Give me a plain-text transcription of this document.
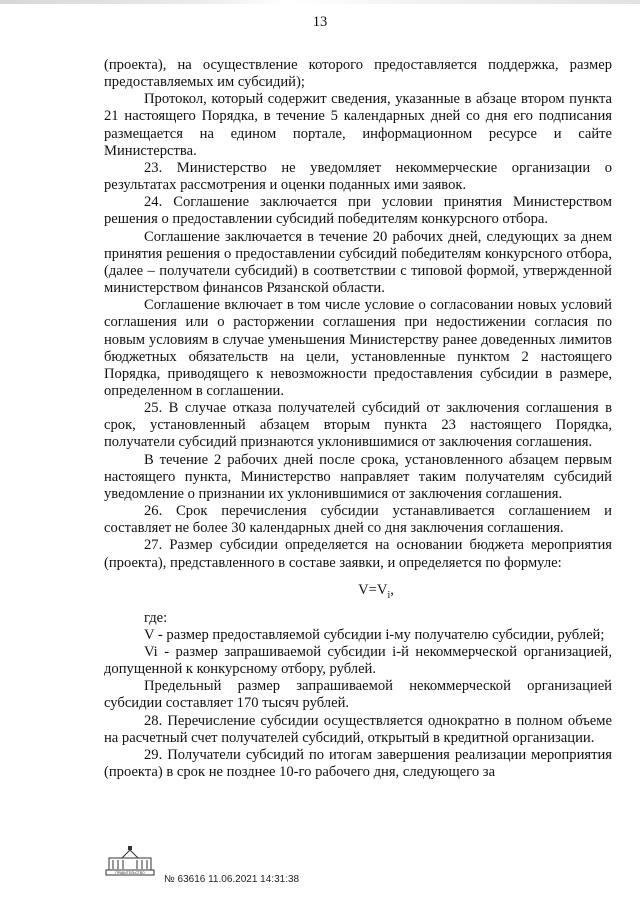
13

(проекта), на осуществление которого предоставляется поддержка, размер предоставляемых им субсидий);

Протокол, который содержит сведения, указанные в абзаце втором пункта 21 настоящего Порядка, в течение 5 календарных дней со дня его подписания размещается на едином портале, информационном ресурсе и сайте Министерства.

23. Министерство не уведомляет некоммерческие организации о результатах рассмотрения и оценки поданных ими заявок.

24. Соглашение заключается при условии принятия Министерством решения о предоставлении субсидий победителям конкурсного отбора.

Соглашение заключается в течение 20 рабочих дней, следующих за днем принятия решения о предоставлении субсидий победителям конкурсного отбора, (далее – получатели субсидий) в соответствии с типовой формой, утвержденной министерством финансов Рязанской области.

Соглашение включает в том числе условие о согласовании новых условий соглашения или о расторжении соглашения при недостижении согласия по новым условиям в случае уменьшения Министерству ранее доведенных лимитов бюджетных обязательств на цели, установленные пунктом 2 настоящего Порядка, приводящего к невозможности предоставления субсидии в размере, определенном в соглашении.

25. В случае отказа получателей субсидий от заключения соглашения в срок, установленный абзацем вторым пункта 23 настоящего Порядка, получатели субсидий признаются уклонившимися от заключения соглашения.

В течение 2 рабочих дней после срока, установленного абзацем первым настоящего пункта, Министерство направляет таким получателям субсидий уведомление о признании их уклонившимися от заключения соглашения.

26. Срок перечисления субсидии устанавливается соглашением и составляет не более 30 календарных дней со дня заключения соглашения.

27. Размер субсидии определяется на основании бюджета мероприятия (проекта), представленного в составе заявки, и определяется по формуле:

$V=V_i$,

где:

V - размер предоставляемой субсидии i-му получателю субсидии, рублей;

Vi - размер запрашиваемой субсидии i-й некоммерческой организацией, допущенной к конкурсному отбору, рублей.

Предельный размер запрашиваемой некоммерческой организацией субсидии составляет 170 тысяч рублей.

28. Перечисление субсидии осуществляется однократно в полном объеме на расчетный счет получателей субсидий, открытый в кредитной организации.

29. Получатели субсидий по итогам завершения реализации мероприятия (проекта) в срок не позднее 10-го рабочего дня, следующего за

ПРАВИТЕЛЬСТВО
№ 63616 11.06.2021 14:31:38
